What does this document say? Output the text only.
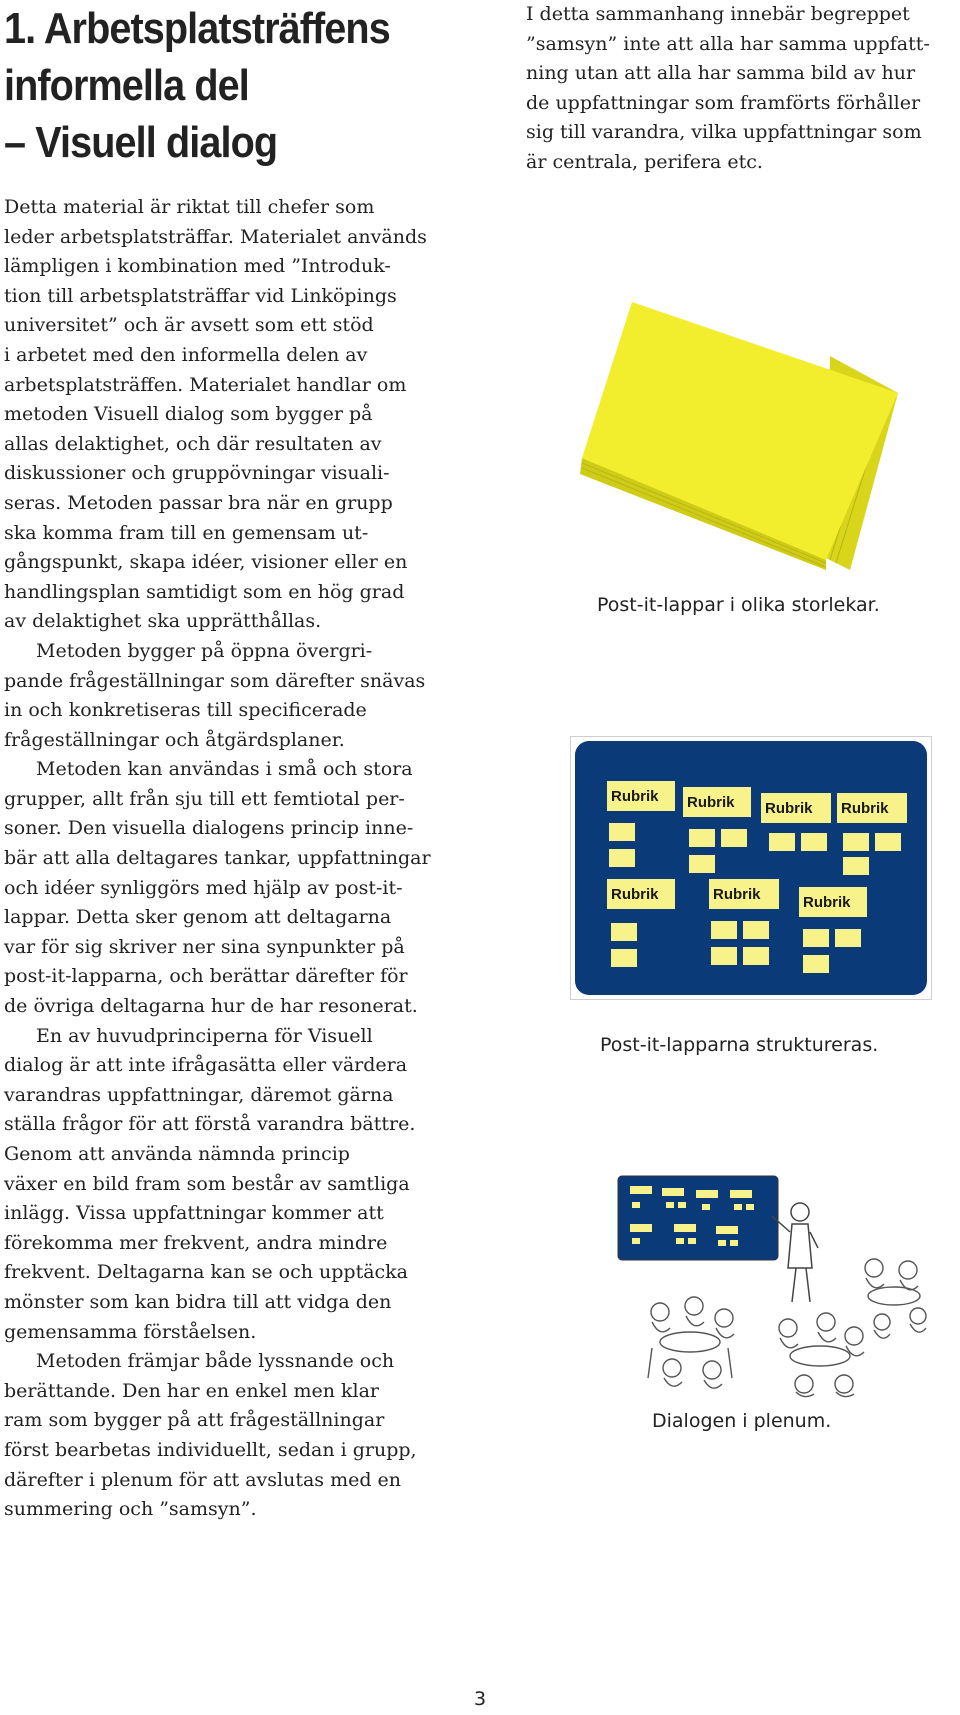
1. Arbetsplatsträffens
informella del
– Visuell dialog
I detta sammanhang innebär begreppet
”samsyn” inte att alla har samma uppfatt-
ning utan att alla har samma bild av hur
de uppfattningar som framförts förhåller
sig till varandra, vilka uppfattningar som
är centrala, perifera etc.

Detta material är riktat till chefer som
leder arbetsplatsträffar. Materialet används
lämpligen i kombination med ”Introduk-
tion till arbetsplatsträffar vid Linköpings
universitet” och är avsett som ett stöd
i arbetet med den informella delen av
arbetsplatsträffen. Materialet handlar om
metoden Visuell dialog som bygger på
allas delaktighet, och där resultaten av
diskussioner och gruppövningar visuali-
seras. Metoden passar bra när en grupp
ska komma fram till en gemensam ut-
gångspunkt, skapa idéer, visioner eller en
handlingsplan samtidigt som en hög grad
av delaktighet ska upprätthållas.

Metoden bygger på öppna övergri-
pande frågeställningar som därefter snävas
in och konkretiseras till specificerade
frågeställningar och åtgärdsplaner.

Metoden kan användas i små och stora
grupper, allt från sju till ett femtiotal per-
soner. Den visuella dialogens princip inne-
bär att alla deltagares tankar, uppfattningar
och idéer synliggörs med hjälp av post-it-
lappar. Detta sker genom att deltagarna
var för sig skriver ner sina synpunkter på
post-it-lapparna, och berättar därefter för
de övriga deltagarna hur de har resonerat.

En av huvudprinciperna för Visuell
dialog är att inte ifrågasätta eller värdera
varandras uppfattningar, däremot gärna
ställa frågor för att förstå varandra bättre.
Genom att använda nämnda princip
växer en bild fram som består av samtliga
inlägg. Vissa uppfattningar kommer att
förekomma mer frekvent, andra mindre
frekvent. Deltagarna kan se och upptäcka
mönster som kan bidra till att vidga den
gemensamma förståelsen.

Metoden främjar både lyssnande och
berättande. Den har en enkel men klar
ram som bygger på att frågeställningar
först bearbetas individuellt, sedan i grupp,
därefter i plenum för att avslutas med en
summering och ”samsyn”.

Post-it-lappar i olika storlekar.
Rubrik Rubrik Rubrik Rubrik
Rubrik	Rubrik	Rubrik
Post-it-lapparna struktureras.
Dialogen i plenum.
3
